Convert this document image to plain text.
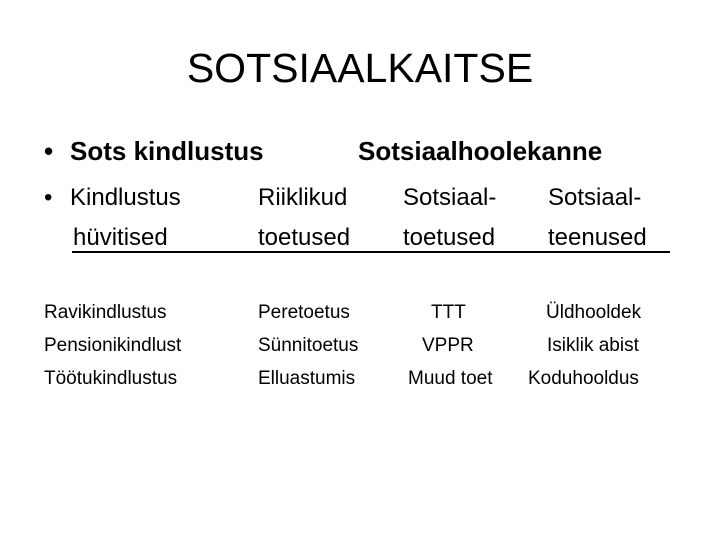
SOTSIAALKAITSE
• Sots kindlustus	Sotsiaalhoolekanne
• Kindlustus
hüvitised
Riiklikud
toetused
Sotsiaal-
toetused
Sotsiaal-
teenused
Ravikindlustus
Pensionikindlust
Töötukindlustus
Peretoetus
Sünnitoetus
Elluastumis
TTT
VPPR
Muud toet
Üldhooldek
Isiklik abist
Koduhooldus
